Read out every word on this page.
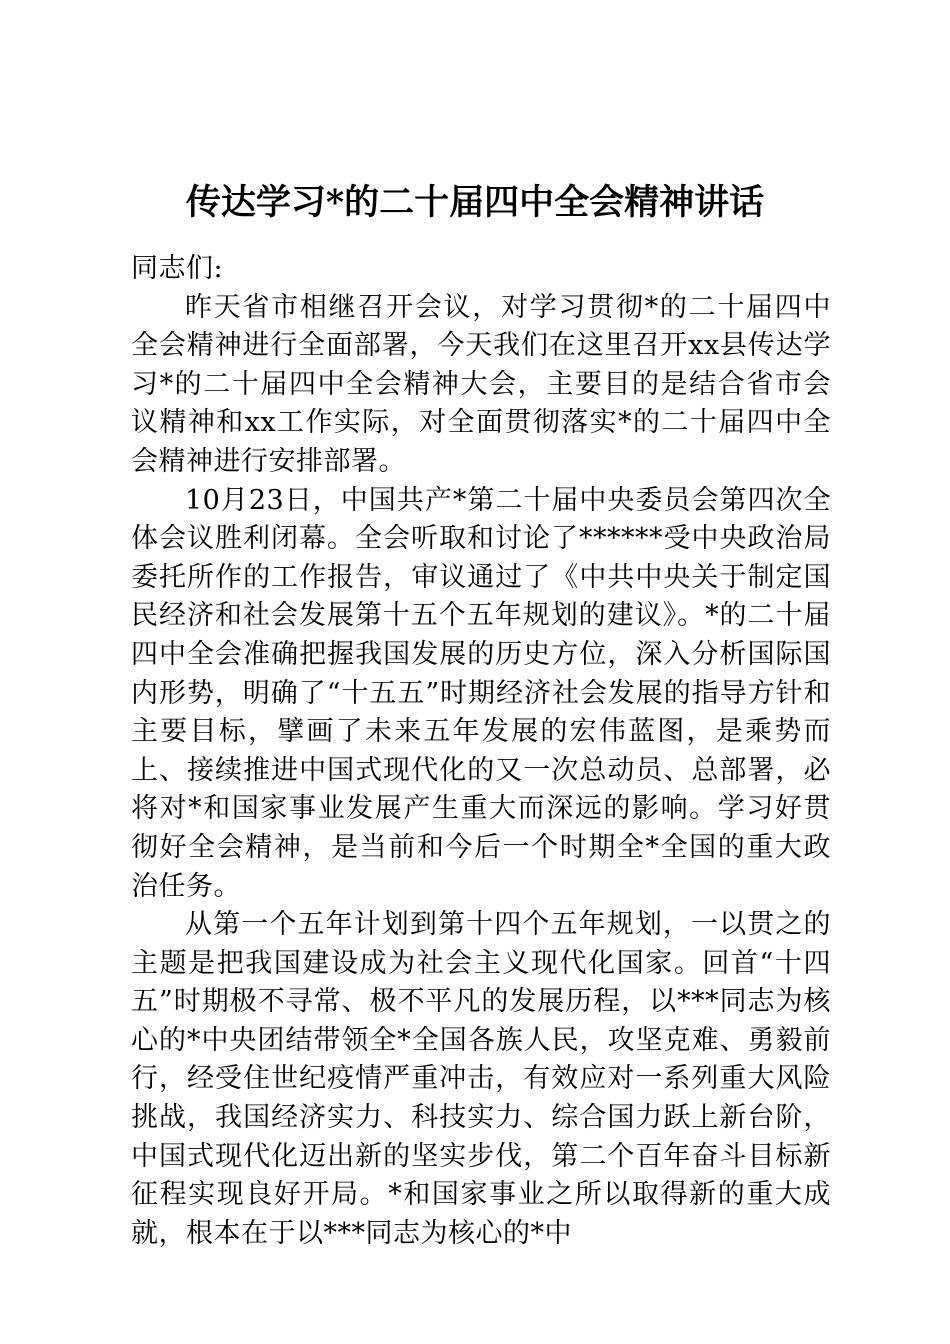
传达学习*的二十届四中全会精神讲话

同志们:

昨天省市相继召开会议，对学习贯彻*的二十届四中全会精神进行全面部署，今天我们在这里召开xx县传达学习*的二十届四中全会精神大会，主要目的是结合省市会议精神和xx工作实际，对全面贯彻落实*的二十届四中全会精神进行安排部署。

10月23日，中国共产*第二十届中央委员会第四次全体会议胜利闭幕。全会听取和讨论了******受中央政治局委托所作的工作报告，审议通过了《中共中央关于制定国民经济和社会发展第十五个五年规划的建议》。*的二十届四中全会准确把握我国发展的历史方位，深入分析国际国内形势，明确了“十五五”时期经济社会发展的指导方针和主要目标，擘画了未来五年发展的宏伟蓝图，是乘势而上、接续推进中国式现代化的又一次总动员、总部署，必将对*和国家事业发展产生重大而深远的影响。学习好贯彻好全会精神，是当前和今后一个时期全*全国的重大政治任务。

从第一个五年计划到第十四个五年规划，一以贯之的主题是把我国建设成为社会主义现代化国家。回首“十四五”时期极不寻常、极不平凡的发展历程，以***同志为核心的*中央团结带领全*全国各族人民，攻坚克难、勇毅前行，经受住世纪疫情严重冲击，有效应对一系列重大风险挑战，我国经济实力、科技实力、综合国力跃上新台阶，中国式现代化迈出新的坚实步伐，第二个百年奋斗目标新征程实现良好开局。*和国家事业之所以取得新的重大成就，根本在于以***同志为核心的*中
